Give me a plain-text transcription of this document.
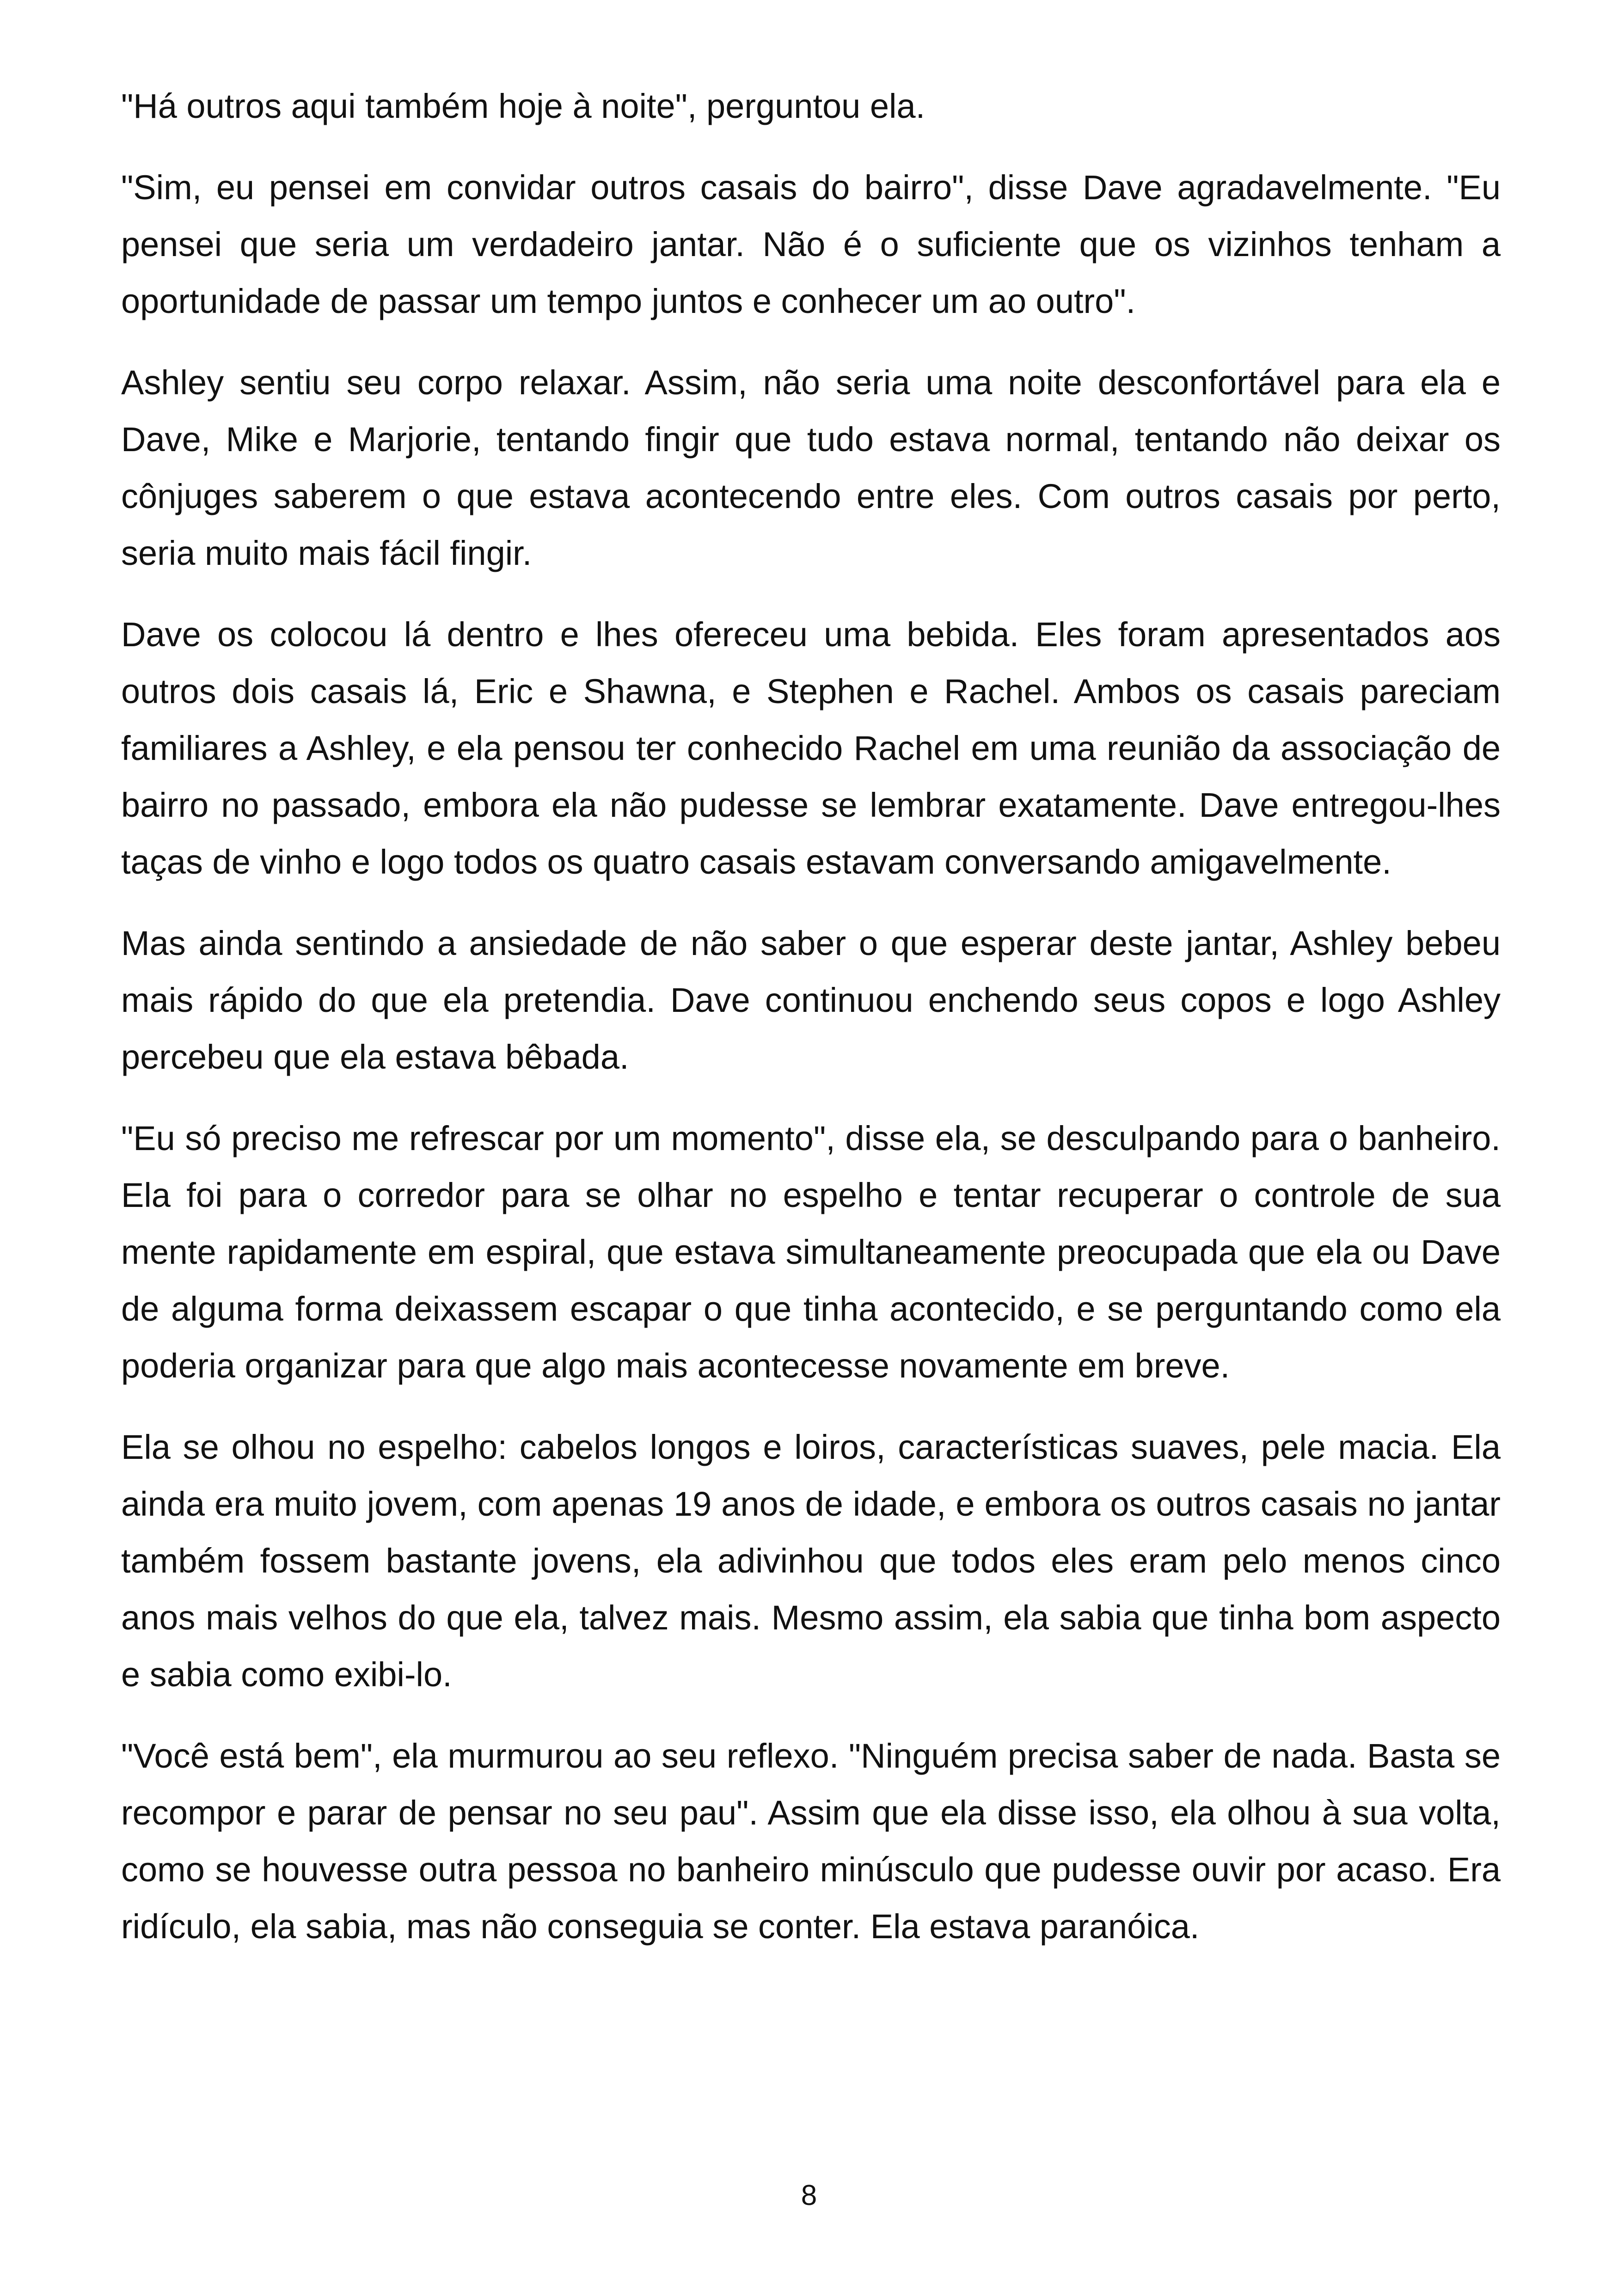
"Há outros aqui também hoje à noite", perguntou ela.

"Sim, eu pensei em convidar outros casais do bairro", disse Dave agradavelmente. "Eu pensei que seria um verdadeiro jantar. Não é o suficiente que os vizinhos tenham a oportunidade de passar um tempo juntos e conhecer um ao outro".

Ashley sentiu seu corpo relaxar. Assim, não seria uma noite desconfortável para ela e Dave, Mike e Marjorie, tentando fingir que tudo estava normal, tentando não deixar os cônjuges saberem o que estava acontecendo entre eles. Com outros casais por perto, seria muito mais fácil fingir.

Dave os colocou lá dentro e lhes ofereceu uma bebida. Eles foram apresentados aos outros dois casais lá, Eric e Shawna, e Stephen e Rachel. Ambos os casais pareciam familiares a Ashley, e ela pensou ter conhecido Rachel em uma reunião da associação de bairro no passado, embora ela não pudesse se lembrar exatamente. Dave entregou-lhes taças de vinho e logo todos os quatro casais estavam conversando amigavelmente.

Mas ainda sentindo a ansiedade de não saber o que esperar deste jantar, Ashley bebeu mais rápido do que ela pretendia. Dave continuou enchendo seus copos e logo Ashley percebeu que ela estava bêbada.

"Eu só preciso me refrescar por um momento", disse ela, se desculpando para o banheiro. Ela foi para o corredor para se olhar no espelho e tentar recuperar o controle de sua mente rapidamente em espiral, que estava simultaneamente preocupada que ela ou Dave de alguma forma deixassem escapar o que tinha acontecido, e se perguntando como ela poderia organizar para que algo mais acontecesse novamente em breve.

Ela se olhou no espelho: cabelos longos e loiros, características suaves, pele macia. Ela ainda era muito jovem, com apenas 19 anos de idade, e embora os outros casais no jantar também fossem bastante jovens, ela adivinhou que todos eles eram pelo menos cinco anos mais velhos do que ela, talvez mais. Mesmo assim, ela sabia que tinha bom aspecto e sabia como exibi-lo.

"Você está bem", ela murmurou ao seu reflexo. "Ninguém precisa saber de nada. Basta se recompor e parar de pensar no seu pau". Assim que ela disse isso, ela olhou à sua volta, como se houvesse outra pessoa no banheiro minúsculo que pudesse ouvir por acaso. Era ridículo, ela sabia, mas não conseguia se conter. Ela estava paranóica.

8
